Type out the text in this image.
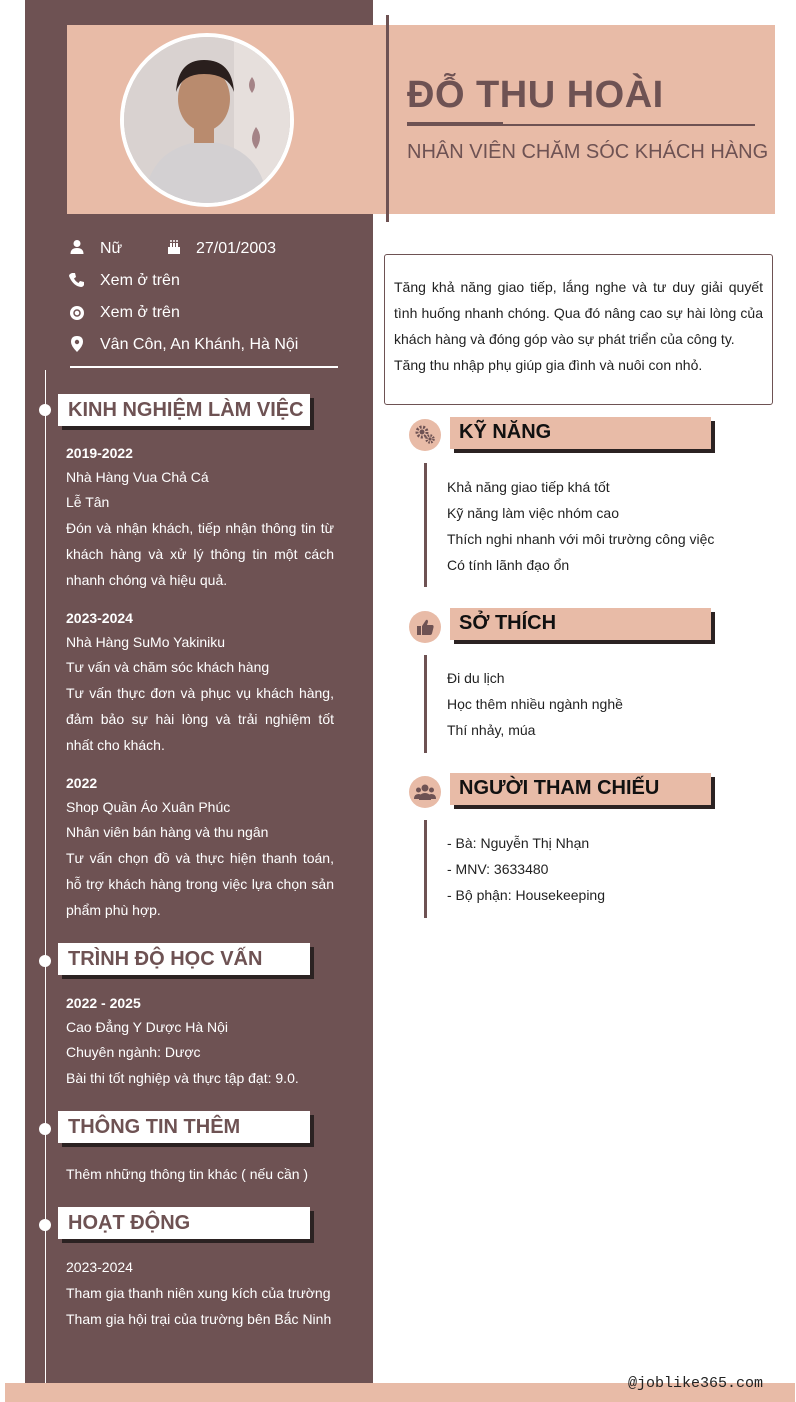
ĐỖ THU HOÀI
NHÂN VIÊN CHĂM SÓC KHÁCH HÀNG
Nữ	27/01/2003
Xem ở trên
Xem ở trên
Vân Côn, An Khánh, Hà Nội
KINH NGHIỆM LÀM VIỆC
2019-2022
Nhà Hàng Vua Chả Cá
Lễ Tân
Đón và nhận khách, tiếp nhận thông tin từ khách hàng và xử lý thông tin một cách nhanh chóng và hiệu quả.
2023-2024
Nhà Hàng SuMo Yakiniku
Tư vấn và chăm sóc khách hàng
Tư vấn thực đơn và phục vụ khách hàng, đảm bảo sự hài lòng và trải nghiệm tốt nhất cho khách.
2022
Shop Quần Áo Xuân Phúc
Nhân viên bán hàng và thu ngân
Tư vấn chọn đồ và thực hiện thanh toán, hỗ trợ khách hàng trong việc lựa chọn sản phẩm phù hợp.
TRÌNH ĐỘ HỌC VẤN
2022 - 2025
Cao Đẳng Y Dược Hà Nội
Chuyên ngành: Dược
Bài thi tốt nghiệp và thực tập đạt: 9.0.
THÔNG TIN THÊM
Thêm những thông tin khác ( nếu cần )
HOẠT ĐỘNG
2023-2024
Tham gia thanh niên xung kích của trường
Tham gia hội trại của trường bên Bắc Ninh

Tăng khả năng giao tiếp, lắng nghe và tư duy giải quyết tình huống nhanh chóng. Qua đó nâng cao sự hài lòng của khách hàng và đóng góp vào sự phát triển của công ty.

Tăng thu nhập phụ giúp gia đình và nuôi con nhỏ.

KỸ NĂNG
Khả năng giao tiếp khá tốt
Kỹ năng làm việc nhóm cao
Thích nghi nhanh với môi trường công việc
Có tính lãnh đạo ổn
SỞ THÍCH
Đi du lịch
Học thêm nhiều ngành nghề
Thí nhảy, múa
NGƯỜI THAM CHIẾU
- Bà: Nguyễn Thị Nhạn
- MNV: 3633480
- Bộ phận: Housekeeping
@joblike365.com
